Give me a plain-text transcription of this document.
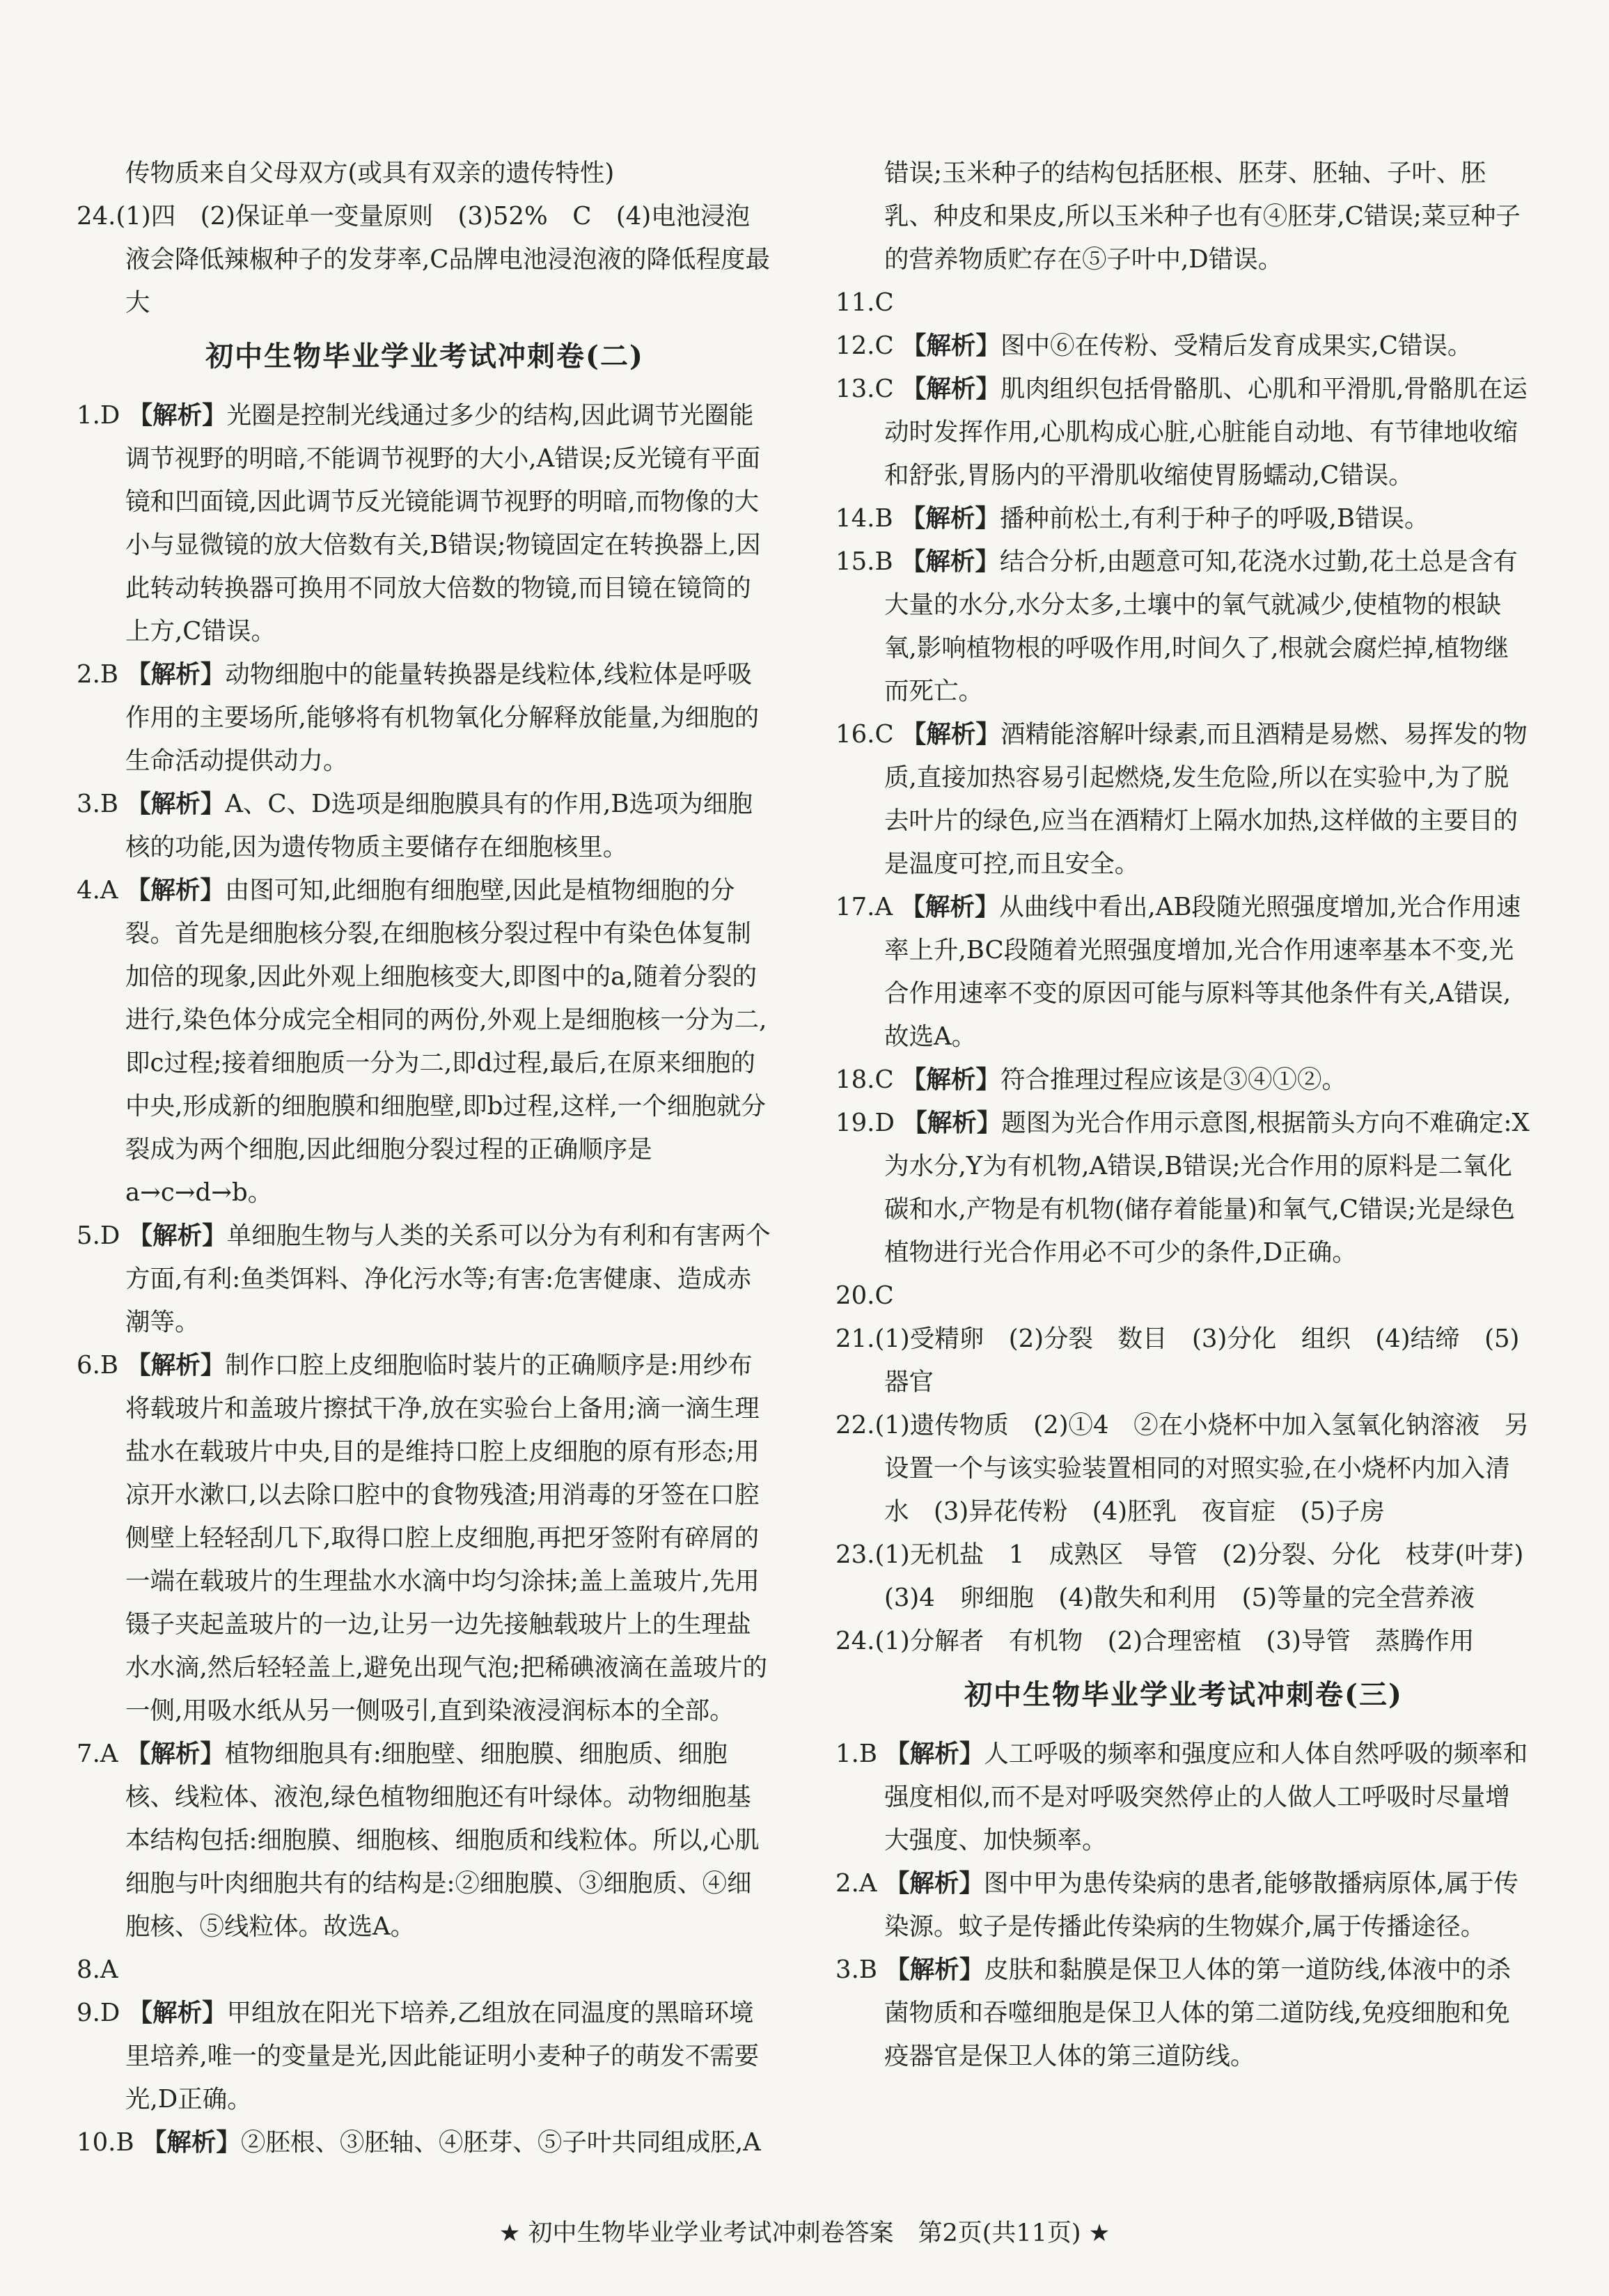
传物质来自父母双方(或具有双亲的遗传特性)

24.(1)四　(2)保证单一变量原则　(3)52%　C　(4)电池浸泡液会降低辣椒种子的发芽率,C品牌电池浸泡液的降低程度最大

初中生物毕业学业考试冲刺卷(二)

1.D 【解析】光圈是控制光线通过多少的结构,因此调节光圈能调节视野的明暗,不能调节视野的大小,A错误;反光镜有平面镜和凹面镜,因此调节反光镜能调节视野的明暗,而物像的大小与显微镜的放大倍数有关,B错误;物镜固定在转换器上,因此转动转换器可换用不同放大倍数的物镜,而目镜在镜筒的上方,C错误。

2.B 【解析】动物细胞中的能量转换器是线粒体,线粒体是呼吸作用的主要场所,能够将有机物氧化分解释放能量,为细胞的生命活动提供动力。

3.B 【解析】A、C、D选项是细胞膜具有的作用,B选项为细胞核的功能,因为遗传物质主要储存在细胞核里。

4.A 【解析】由图可知,此细胞有细胞壁,因此是植物细胞的分裂。首先是细胞核分裂,在细胞核分裂过程中有染色体复制加倍的现象,因此外观上细胞核变大,即图中的a,随着分裂的进行,染色体分成完全相同的两份,外观上是细胞核一分为二,即c过程;接着细胞质一分为二,即d过程,最后,在原来细胞的中央,形成新的细胞膜和细胞壁,即b过程,这样,一个细胞就分裂成为两个细胞,因此细胞分裂过程的正确顺序是a→c→d→b。

5.D 【解析】单细胞生物与人类的关系可以分为有利和有害两个方面,有利:鱼类饵料、净化污水等;有害:危害健康、造成赤潮等。

6.B 【解析】制作口腔上皮细胞临时装片的正确顺序是:用纱布将载玻片和盖玻片擦拭干净,放在实验台上备用;滴一滴生理盐水在载玻片中央,目的是维持口腔上皮细胞的原有形态;用凉开水漱口,以去除口腔中的食物残渣;用消毒的牙签在口腔侧壁上轻轻刮几下,取得口腔上皮细胞,再把牙签附有碎屑的一端在载玻片的生理盐水水滴中均匀涂抹;盖上盖玻片,先用镊子夹起盖玻片的一边,让另一边先接触载玻片上的生理盐水水滴,然后轻轻盖上,避免出现气泡;把稀碘液滴在盖玻片的一侧,用吸水纸从另一侧吸引,直到染液浸润标本的全部。

7.A 【解析】植物细胞具有:细胞壁、细胞膜、细胞质、细胞核、线粒体、液泡,绿色植物细胞还有叶绿体。动物细胞基本结构包括:细胞膜、细胞核、细胞质和线粒体。所以,心肌细胞与叶肉细胞共有的结构是:②细胞膜、③细胞质、④细胞核、⑤线粒体。故选A。

8.A

9.D 【解析】甲组放在阳光下培养,乙组放在同温度的黑暗环境里培养,唯一的变量是光,因此能证明小麦种子的萌发不需要光,D正确。

10.B 【解析】②胚根、③胚轴、④胚芽、⑤子叶共同组成胚,A

错误;玉米种子的结构包括胚根、胚芽、胚轴、子叶、胚乳、种皮和果皮,所以玉米种子也有④胚芽,C错误;菜豆种子的营养物质贮存在⑤子叶中,D错误。

11.C

12.C 【解析】图中⑥在传粉、受精后发育成果实,C错误。

13.C 【解析】肌肉组织包括骨骼肌、心肌和平滑肌,骨骼肌在运动时发挥作用,心肌构成心脏,心脏能自动地、有节律地收缩和舒张,胃肠内的平滑肌收缩使胃肠蠕动,C错误。

14.B 【解析】播种前松土,有利于种子的呼吸,B错误。

15.B 【解析】结合分析,由题意可知,花浇水过勤,花土总是含有大量的水分,水分太多,土壤中的氧气就减少,使植物的根缺氧,影响植物根的呼吸作用,时间久了,根就会腐烂掉,植物继而死亡。

16.C 【解析】酒精能溶解叶绿素,而且酒精是易燃、易挥发的物质,直接加热容易引起燃烧,发生危险,所以在实验中,为了脱去叶片的绿色,应当在酒精灯上隔水加热,这样做的主要目的是温度可控,而且安全。

17.A 【解析】从曲线中看出,AB段随光照强度增加,光合作用速率上升,BC段随着光照强度增加,光合作用速率基本不变,光合作用速率不变的原因可能与原料等其他条件有关,A错误,故选A。

18.C 【解析】符合推理过程应该是③④①②。

19.D 【解析】题图为光合作用示意图,根据箭头方向不难确定:X为水分,Y为有机物,A错误,B错误;光合作用的原料是二氧化碳和水,产物是有机物(储存着能量)和氧气,C错误;光是绿色植物进行光合作用必不可少的条件,D正确。

20.C

21.(1)受精卵　(2)分裂　数目　(3)分化　组织　(4)结缔　(5)器官

22.(1)遗传物质　(2)①4　②在小烧杯中加入氢氧化钠溶液　另设置一个与该实验装置相同的对照实验,在小烧杯内加入清水　(3)异花传粉　(4)胚乳　夜盲症　(5)子房

23.(1)无机盐　1　成熟区　导管　(2)分裂、分化　枝芽(叶芽)　(3)4　卵细胞　(4)散失和利用　(5)等量的完全营养液

24.(1)分解者　有机物　(2)合理密植　(3)导管　蒸腾作用

初中生物毕业学业考试冲刺卷(三)

1.B 【解析】人工呼吸的频率和强度应和人体自然呼吸的频率和强度相似,而不是对呼吸突然停止的人做人工呼吸时尽量增大强度、加快频率。

2.A 【解析】图中甲为患传染病的患者,能够散播病原体,属于传染源。蚊子是传播此传染病的生物媒介,属于传播途径。

3.B 【解析】皮肤和黏膜是保卫人体的第一道防线,体液中的杀菌物质和吞噬细胞是保卫人体的第二道防线,免疫细胞和免疫器官是保卫人体的第三道防线。

★ 初中生物毕业学业考试冲刺卷答案　第2页(共11页) ★
